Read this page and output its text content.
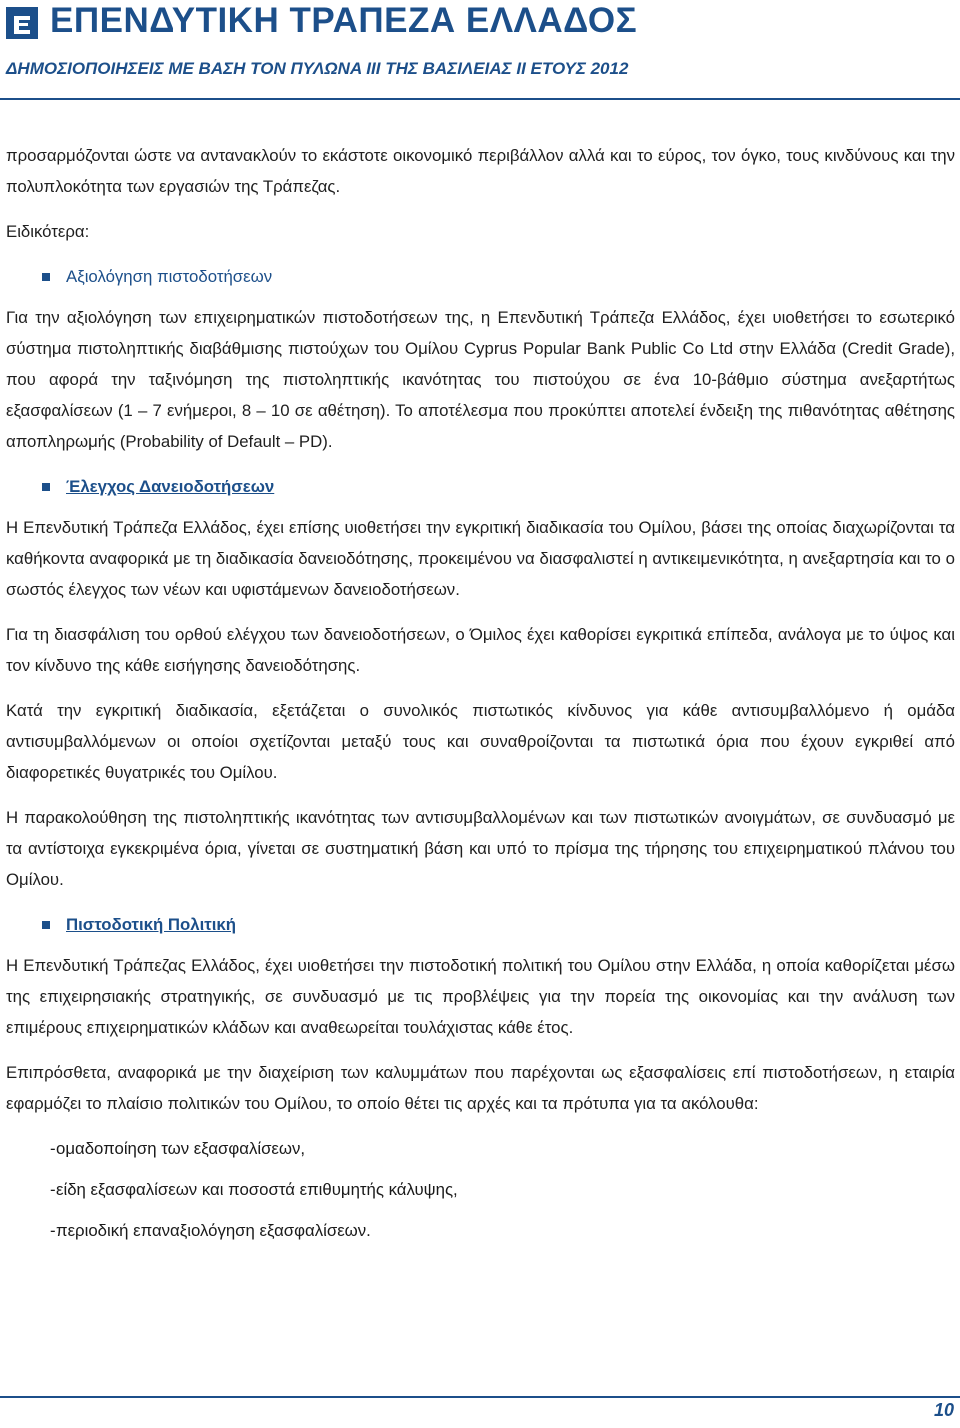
ΕΠΕΝΔΥΤΙΚΗ ΤΡΑΠΕΖΑ ΕΛΛΑΔΟΣ
ΔΗΜΟΣΙΟΠΟΙΗΣΕΙΣ ΜΕ ΒΑΣΗ ΤΟΝ ΠΥΛΩΝΑ ΙΙΙ ΤΗΣ ΒΑΣΙΛΕΙΑΣ ΙΙ ΕΤΟΥΣ 2012

προσαρμόζονται ώστε να αντανακλούν το εκάστοτε οικονομικό περιβάλλον αλλά και το εύρος, τον όγκο, τους κινδύνους και την πολυπλοκότητα των εργασιών της Τράπεζας.

Ειδικότερα:

Αξιολόγηση πιστοδοτήσεων

Για την αξιολόγηση των επιχειρηματικών πιστοδοτήσεων της, η Επενδυτική Τράπεζα Ελλάδος, έχει υιοθετήσει το εσωτερικό σύστημα πιστοληπτικής διαβάθμισης πιστούχων του Ομίλου Cyprus Popular Bank Public Co Ltd στην Ελλάδα (Credit Grade), που αφορά την ταξινόμηση της πιστοληπτικής ικανότητας του πιστούχου σε ένα 10-βάθμιο σύστημα ανεξαρτήτως εξασφαλίσεων (1 – 7 ενήμεροι, 8 – 10 σε αθέτηση). Το αποτέλεσμα που προκύπτει αποτελεί ένδειξη της πιθανότητας αθέτησης αποπληρωμής (Probability of Default – PD).

Έλεγχος Δανειοδοτήσεων

Η Επενδυτική Τράπεζα Ελλάδος, έχει επίσης υιοθετήσει την εγκριτική διαδικασία του Ομίλου, βάσει της οποίας διαχωρίζονται τα καθήκοντα αναφορικά με τη διαδικασία δανειοδότησης, προκειμένου να διασφαλιστεί η αντικειμενικότητα, η ανεξαρτησία και το ο σωστός έλεγχος των νέων και υφιστάμενων δανειοδοτήσεων.

Για τη διασφάλιση του ορθού ελέγχου των δανειοδοτήσεων, ο Όμιλος έχει καθορίσει εγκριτικά επίπεδα, ανάλογα με το ύψος και τον κίνδυνο της κάθε εισήγησης δανειοδότησης.

Κατά την εγκριτική διαδικασία, εξετάζεται ο συνολικός πιστωτικός κίνδυνος για κάθε αντισυμβαλλόμενο ή ομάδα αντισυμβαλλόμενων οι οποίοι σχετίζονται μεταξύ τους και συναθροίζονται τα πιστωτικά όρια που έχουν εγκριθεί από διαφορετικές θυγατρικές του Ομίλου.

Η παρακολούθηση της πιστοληπτικής ικανότητας των αντισυμβαλλομένων και των πιστωτικών ανοιγμάτων, σε συνδυασμό με τα αντίστοιχα εγκεκριμένα όρια, γίνεται σε συστηματική βάση και υπό το πρίσμα της τήρησης του επιχειρηματικού πλάνου του Ομίλου.

Πιστοδοτική Πολιτική

Η Επενδυτική Τράπεζας Ελλάδος, έχει υιοθετήσει την πιστοδοτική πολιτική του Ομίλου στην Ελλάδα, η οποία καθορίζεται μέσω της επιχειρησιακής στρατηγικής, σε συνδυασμό με τις προβλέψεις για την πορεία της οικονομίας και την ανάλυση των επιμέρους επιχειρηματικών κλάδων και αναθεωρείται τουλάχιστας κάθε έτος.

Επιπρόσθετα, αναφορικά με την διαχείριση των καλυμμάτων που παρέχονται ως εξασφαλίσεις επί πιστοδοτήσεων, η εταιρία εφαρμόζει το πλαίσιο πολιτικών του Ομίλου, το οποίο θέτει τις αρχές και τα πρότυπα για τα ακόλουθα:

- ομαδοποίηση των εξασφαλίσεων,
- είδη εξασφαλίσεων και ποσοστά επιθυμητής κάλυψης,
- περιοδική επαναξιολόγηση εξασφαλίσεων.
10
